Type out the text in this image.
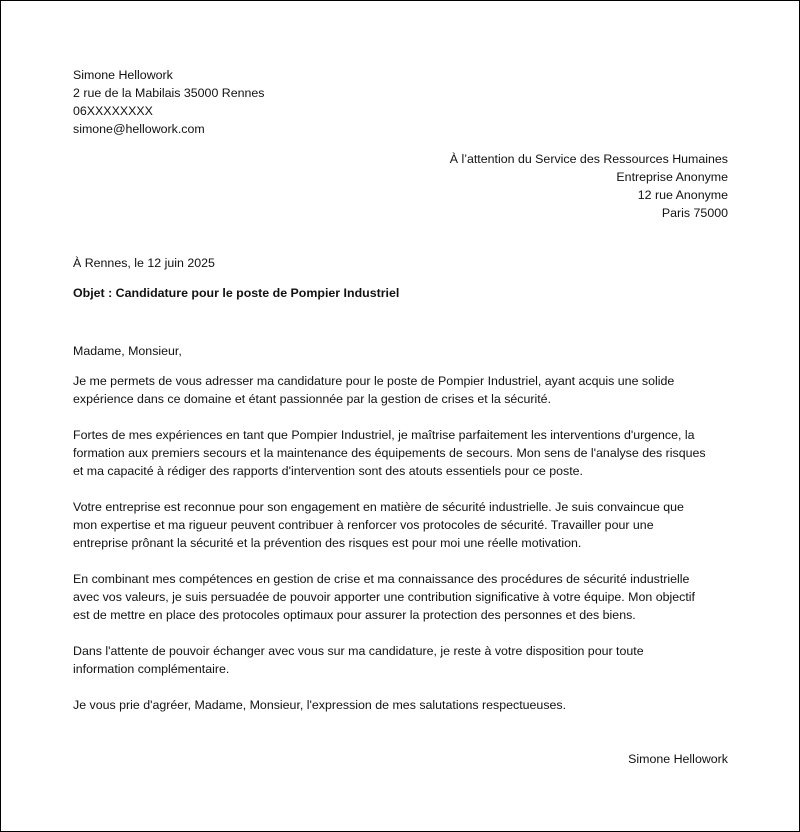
Simone Hellowork
2 rue de la Mabilais 35000 Rennes
06XXXXXXXX
simone@hellowork.com
À l’attention du Service des Ressources Humaines
Entreprise Anonyme
12 rue Anonyme
Paris 75000
À Rennes, le 12 juin 2025
Objet : Candidature pour le poste de Pompier Industriel
Madame, Monsieur,
Je me permets de vous adresser ma candidature pour le poste de Pompier Industriel, ayant acquis une solide
expérience dans ce domaine et étant passionnée par la gestion de crises et la sécurité.
Fortes de mes expériences en tant que Pompier Industriel, je maîtrise parfaitement les interventions d'urgence, la
formation aux premiers secours et la maintenance des équipements de secours. Mon sens de l'analyse des risques
et ma capacité à rédiger des rapports d'intervention sont des atouts essentiels pour ce poste.
Votre entreprise est reconnue pour son engagement en matière de sécurité industrielle. Je suis convaincue que
mon expertise et ma rigueur peuvent contribuer à renforcer vos protocoles de sécurité. Travailler pour une
entreprise prônant la sécurité et la prévention des risques est pour moi une réelle motivation.
En combinant mes compétences en gestion de crise et ma connaissance des procédures de sécurité industrielle
avec vos valeurs, je suis persuadée de pouvoir apporter une contribution significative à votre équipe. Mon objectif
est de mettre en place des protocoles optimaux pour assurer la protection des personnes et des biens.
Dans l'attente de pouvoir échanger avec vous sur ma candidature, je reste à votre disposition pour toute
information complémentaire.
Je vous prie d'agréer, Madame, Monsieur, l'expression de mes salutations respectueuses.
Simone Hellowork
